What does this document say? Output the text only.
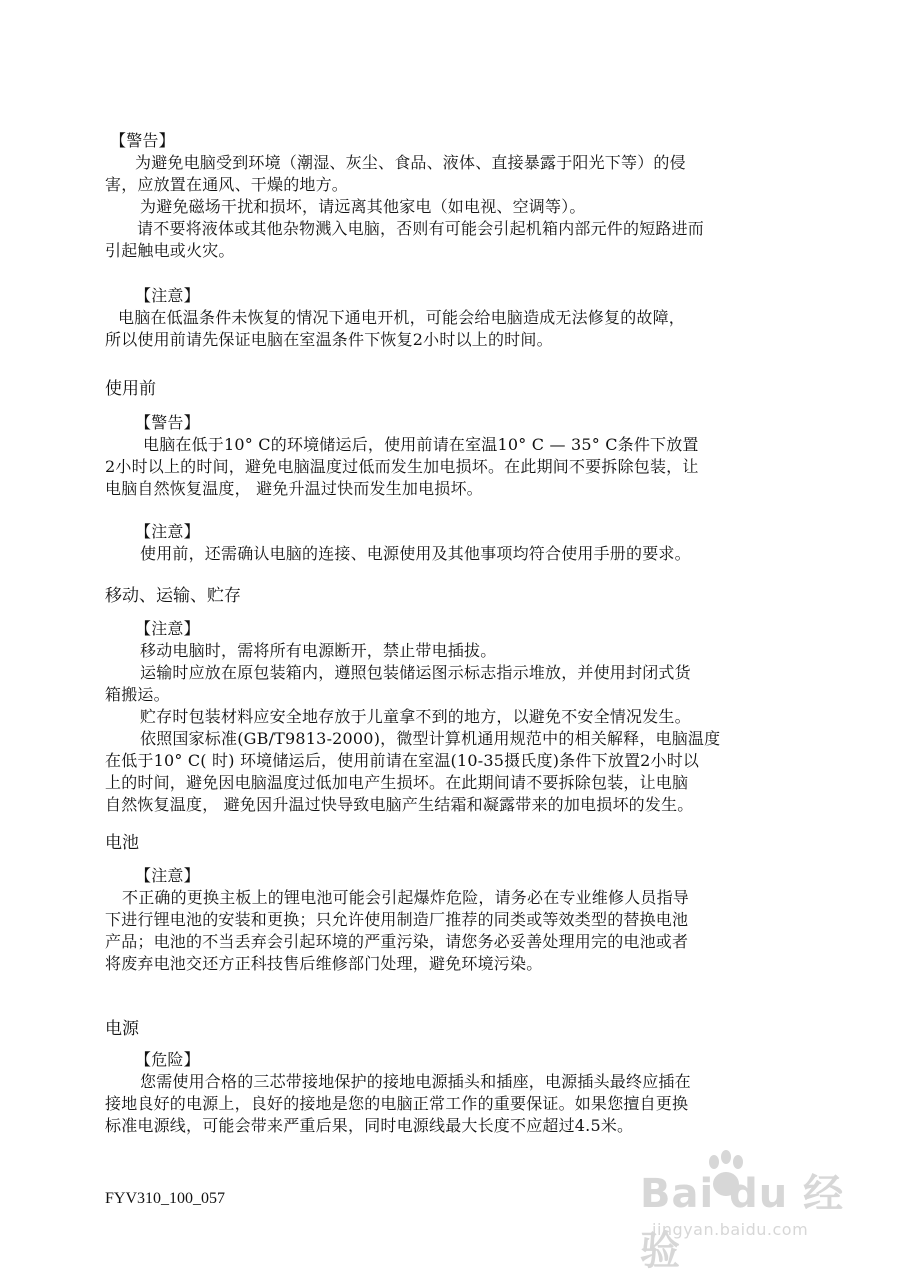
【警告】
为避免电脑受到环境（潮湿、灰尘、食品、液体、直接暴露于阳光下等）的侵
害，应放置在通风、干燥的地方。
为避免磁场干扰和损坏，请远离其他家电（如电视、空调等）。
请不要将液体或其他杂物溅入电脑，否则有可能会引起机箱内部元件的短路进而
引起触电或火灾。
【注意】
电脑在低温条件未恢复的情况下通电开机，可能会给电脑造成无法修复的故障，
所以使用前请先保证电脑在室温条件下恢复2小时以上的时间。
【警告】
电脑在低于10° C的环境储运后，使用前请在室温10° C — 35° C条件下放置
2小时以上的时间，避免电脑温度过低而发生加电损坏。在此期间不要拆除包装，让
电脑自然恢复温度， 避免升温过快而发生加电损坏。
【注意】
使用前，还需确认电脑的连接、电源使用及其他事项均符合使用手册的要求。
【注意】
移动电脑时，需将所有电源断开，禁止带电插拔。
运输时应放在原包装箱内，遵照包装储运图示标志指示堆放，并使用封闭式货
箱搬运。
贮存时包装材料应安全地存放于儿童拿不到的地方，以避免不安全情况发生。
依照国家标准(GB/T9813-2000)，微型计算机通用规范中的相关解释，电脑温度
在低于10° C( 时) 环境储运后，使用前请在室温(10-35摄氏度)条件下放置2小时以
上的时间，避免因电脑温度过低加电产生损坏。在此期间请不要拆除包装，让电脑
自然恢复温度， 避免因升温过快导致电脑产生结霜和凝露带来的加电损坏的发生。
【注意】
不正确的更换主板上的锂电池可能会引起爆炸危险，请务必在专业维修人员指导
下进行锂电池的安装和更换；只允许使用制造厂推荐的同类或等效类型的替换电池
产品；电池的不当丢弃会引起环境的严重污染，请您务必妥善处理用完的电池或者
将废弃电池交还方正科技售后维修部门处理，避免环境污染。
【危险】
您需使用合格的三芯带接地保护的接地电源插头和插座，电源插头最终应插在
接地良好的电源上，良好的接地是您的电脑正常工作的重要保证。如果您擅自更换
标准电源线，可能会带来严重后果，同时电源线最大长度不应超过4.5米。
使用前
移动、运输、贮存
电池
电源
FYV310_100_057	Bai du 经验
jingyan.baidu.com
